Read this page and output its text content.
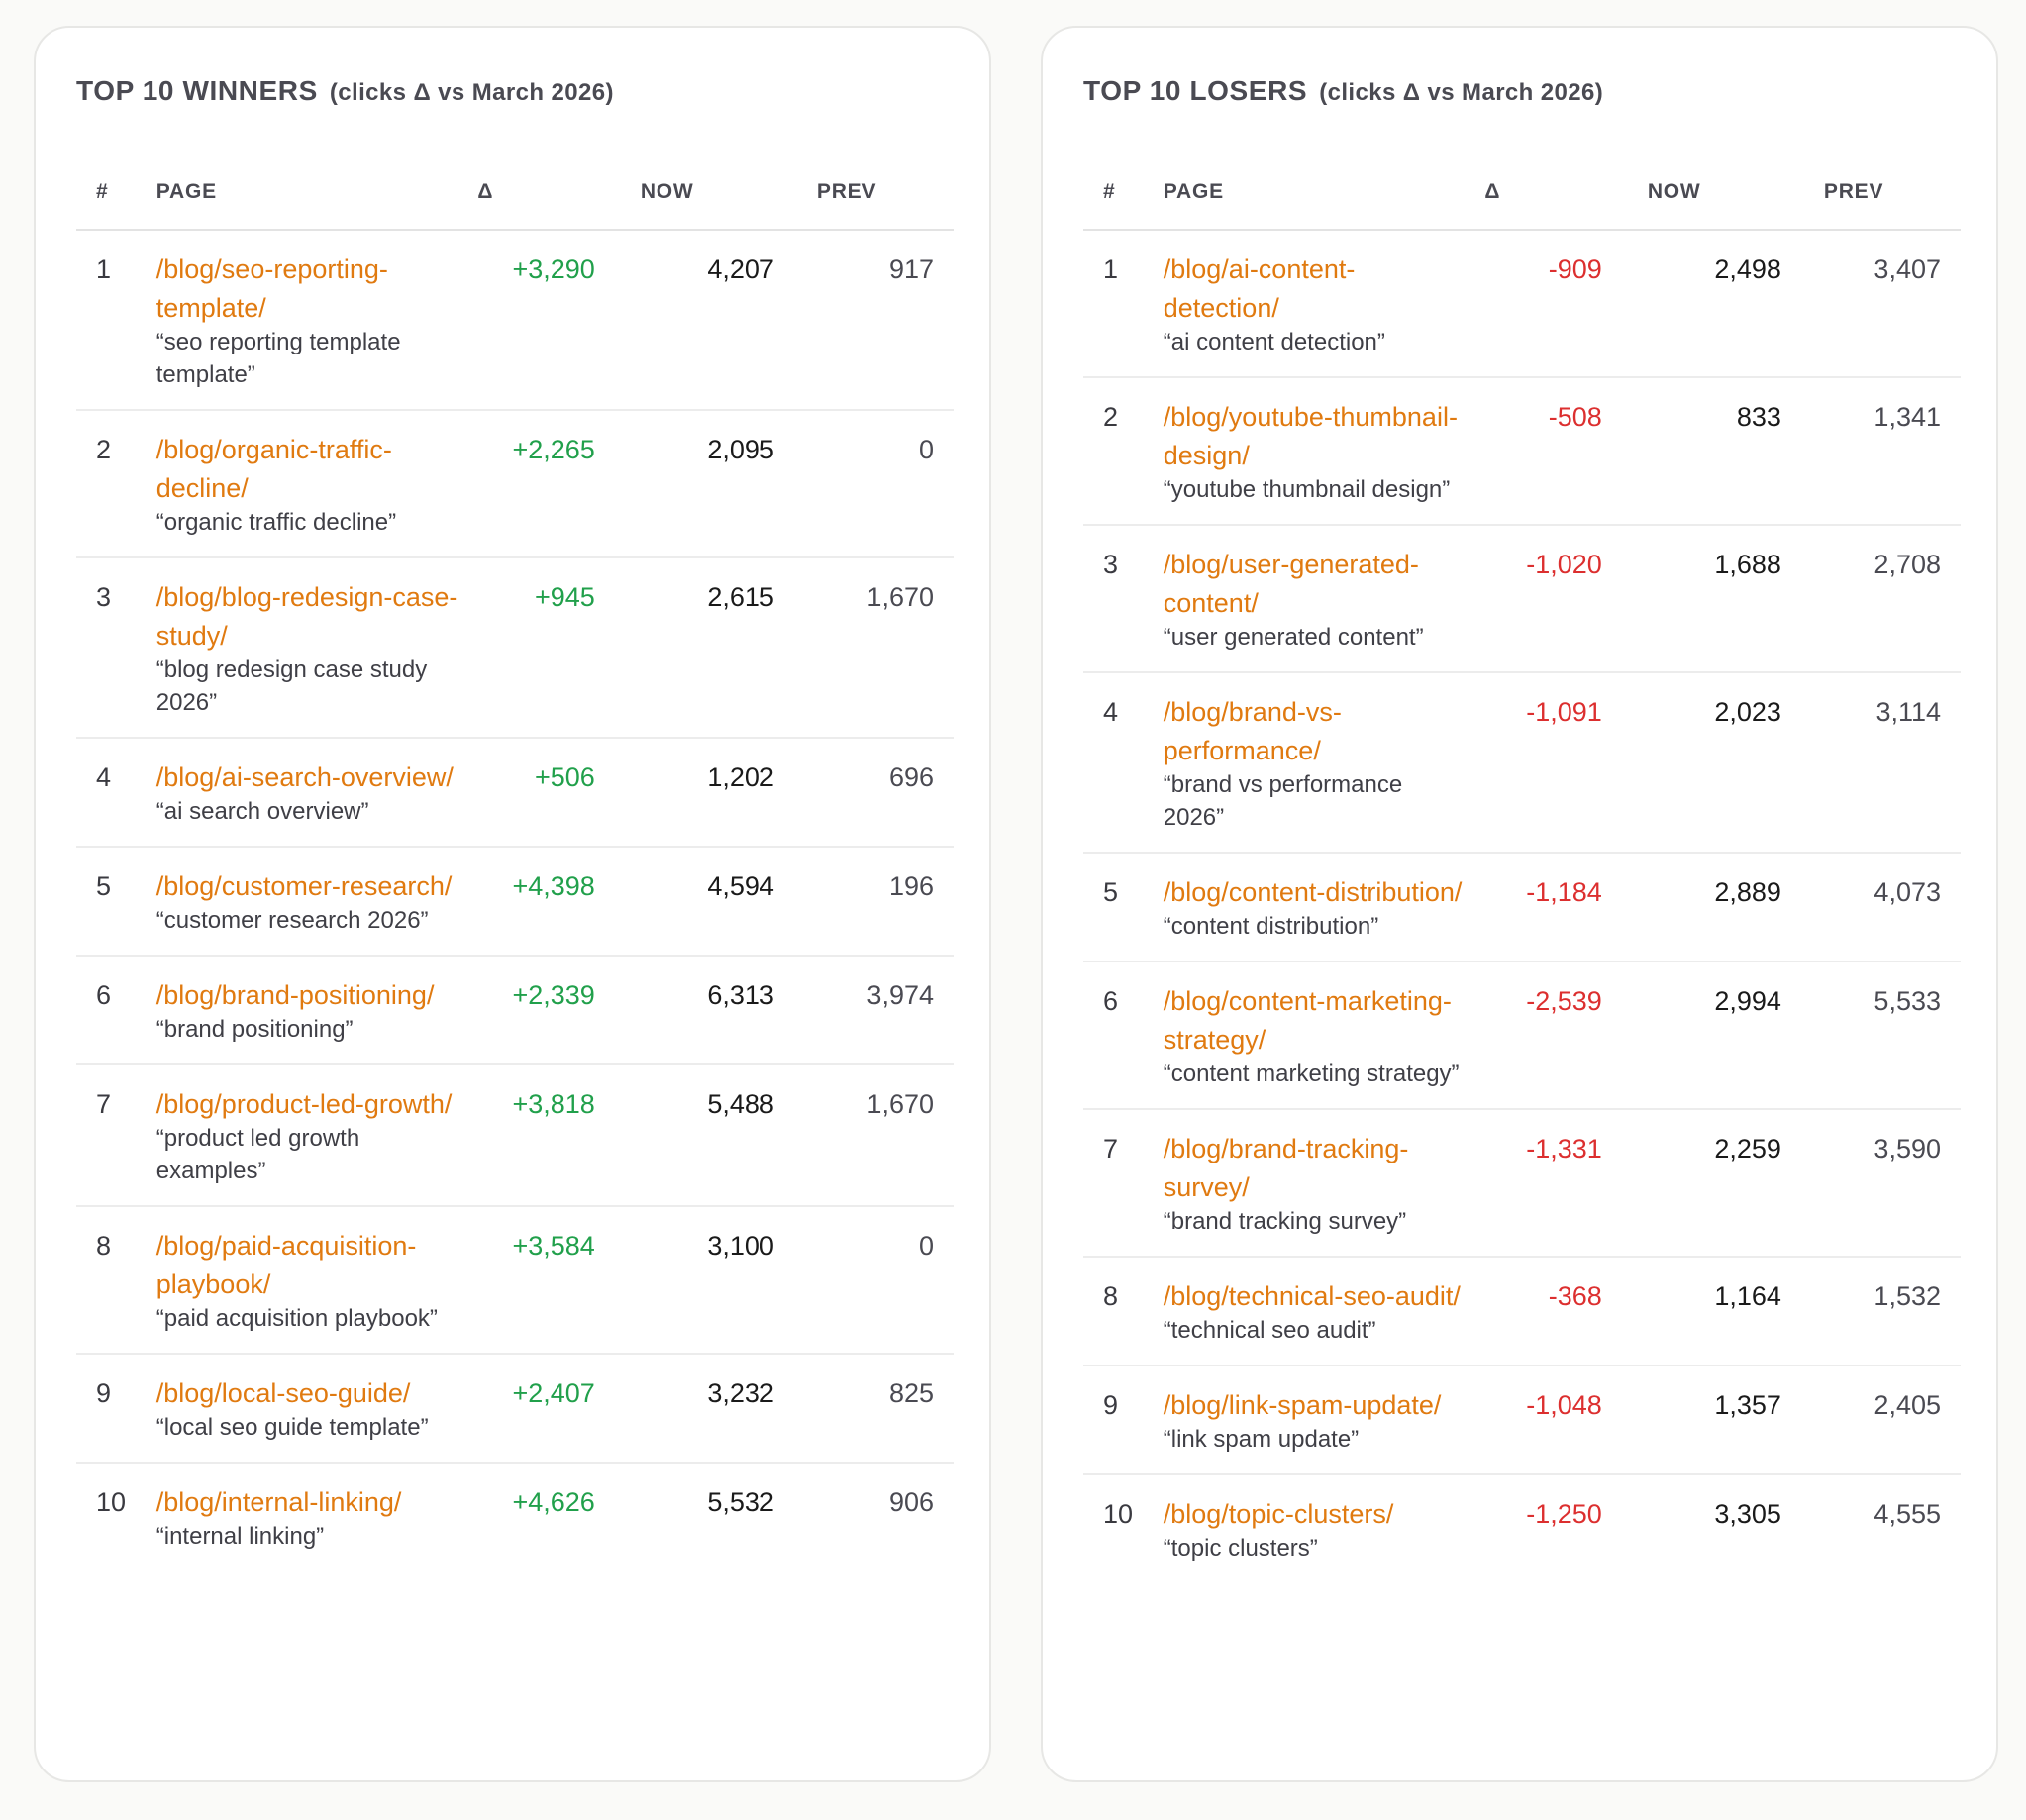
TOP 10 WINNERS (clicks Δ vs March 2026)
#	PAGE	Δ	NOW	PREV
1	/blog/seo-reporting-template/
“seo reporting template template”	+3,290	4,207	917
2	/blog/organic-traffic-decline/
“organic traffic decline”	+2,265	2,095	0
3	/blog/blog-redesign-case-study/
“blog redesign case study 2026”	+945	2,615	1,670
4	/blog/ai-search-overview/
“ai search overview”	+506	1,202	696
5	/blog/customer-research/
“customer research 2026”	+4,398	4,594	196
6	/blog/brand-positioning/
“brand positioning”	+2,339	6,313	3,974
7	/blog/product-led-growth/
“product led growth examples”	+3,818	5,488	1,670
8	/blog/paid-acquisition-playbook/
“paid acquisition playbook”	+3,584	3,100	0
9	/blog/local-seo-guide/
“local seo guide template”	+2,407	3,232	825
10	/blog/internal-linking/
“internal linking”	+4,626	5,532	906
TOP 10 LOSERS (clicks Δ vs March 2026)
#	PAGE	Δ	NOW	PREV
1	/blog/ai-content-detection/
“ai content detection”	-909	2,498	3,407
2	/blog/youtube-thumbnail-design/
“youtube thumbnail design”	-508	833	1,341
3	/blog/user-generated-content/
“user generated content”	-1,020	1,688	2,708
4	/blog/brand-vs-performance/
“brand vs performance 2026”	-1,091	2,023	3,114
5	/blog/content-distribution/
“content distribution”	-1,184	2,889	4,073
6	/blog/content-marketing-strategy/
“content marketing strategy”	-2,539	2,994	5,533
7	/blog/brand-tracking-survey/
“brand tracking survey”	-1,331	2,259	3,590
8	/blog/technical-seo-audit/
“technical seo audit”	-368	1,164	1,532
9	/blog/link-spam-update/
“link spam update”	-1,048	1,357	2,405
10	/blog/topic-clusters/
“topic clusters”	-1,250	3,305	4,555
